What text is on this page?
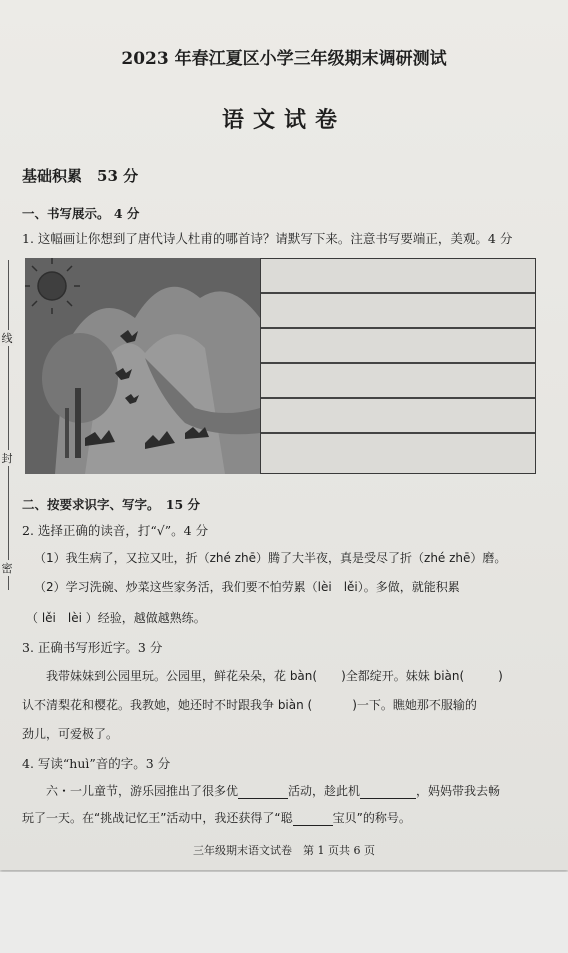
线
封
密
2023 年春江夏区小学三年级期末调研测试
语文试卷
基础积累　53 分
一、书写展示。 4 分
1. 这幅画让你想到了唐代诗人杜甫的哪首诗？请默写下来。注意书写要端正，美观。4 分
二、按要求识字、写字。　15 分
2. 选择正确的读音，打“√”。4 分
（1）我生病了，又拉又吐，折（zhé zhē）腾了大半夜，真是受尽了折（zhé zhē）磨。
（2）学习洗碗、炒菜这些家务活，我们要不怕劳累（lèi　lěi）。多做，就能积累
（ lěi　lèi ）经验，越做越熟练。
3. 正确书写形近字。3 分
我带妹妹到公园里玩。公园里，鲜花朵朵，花 bàn( )全都绽开。妹妹 biàn(	)
认不清梨花和樱花。我教她，她还时不时跟我争 biàn (	)一下。瞧她那不服输的
劲儿，可爱极了。
4. 写读“huì”音的字。3 分
六・一儿童节，游乐园推出了很多优	活动，趁此机	，妈妈带我去畅
玩了一天。在“挑战记忆王”活动中，我还获得了“聪	宝贝”的称号。
三年级期末语文试卷　第 1 页共 6 页
